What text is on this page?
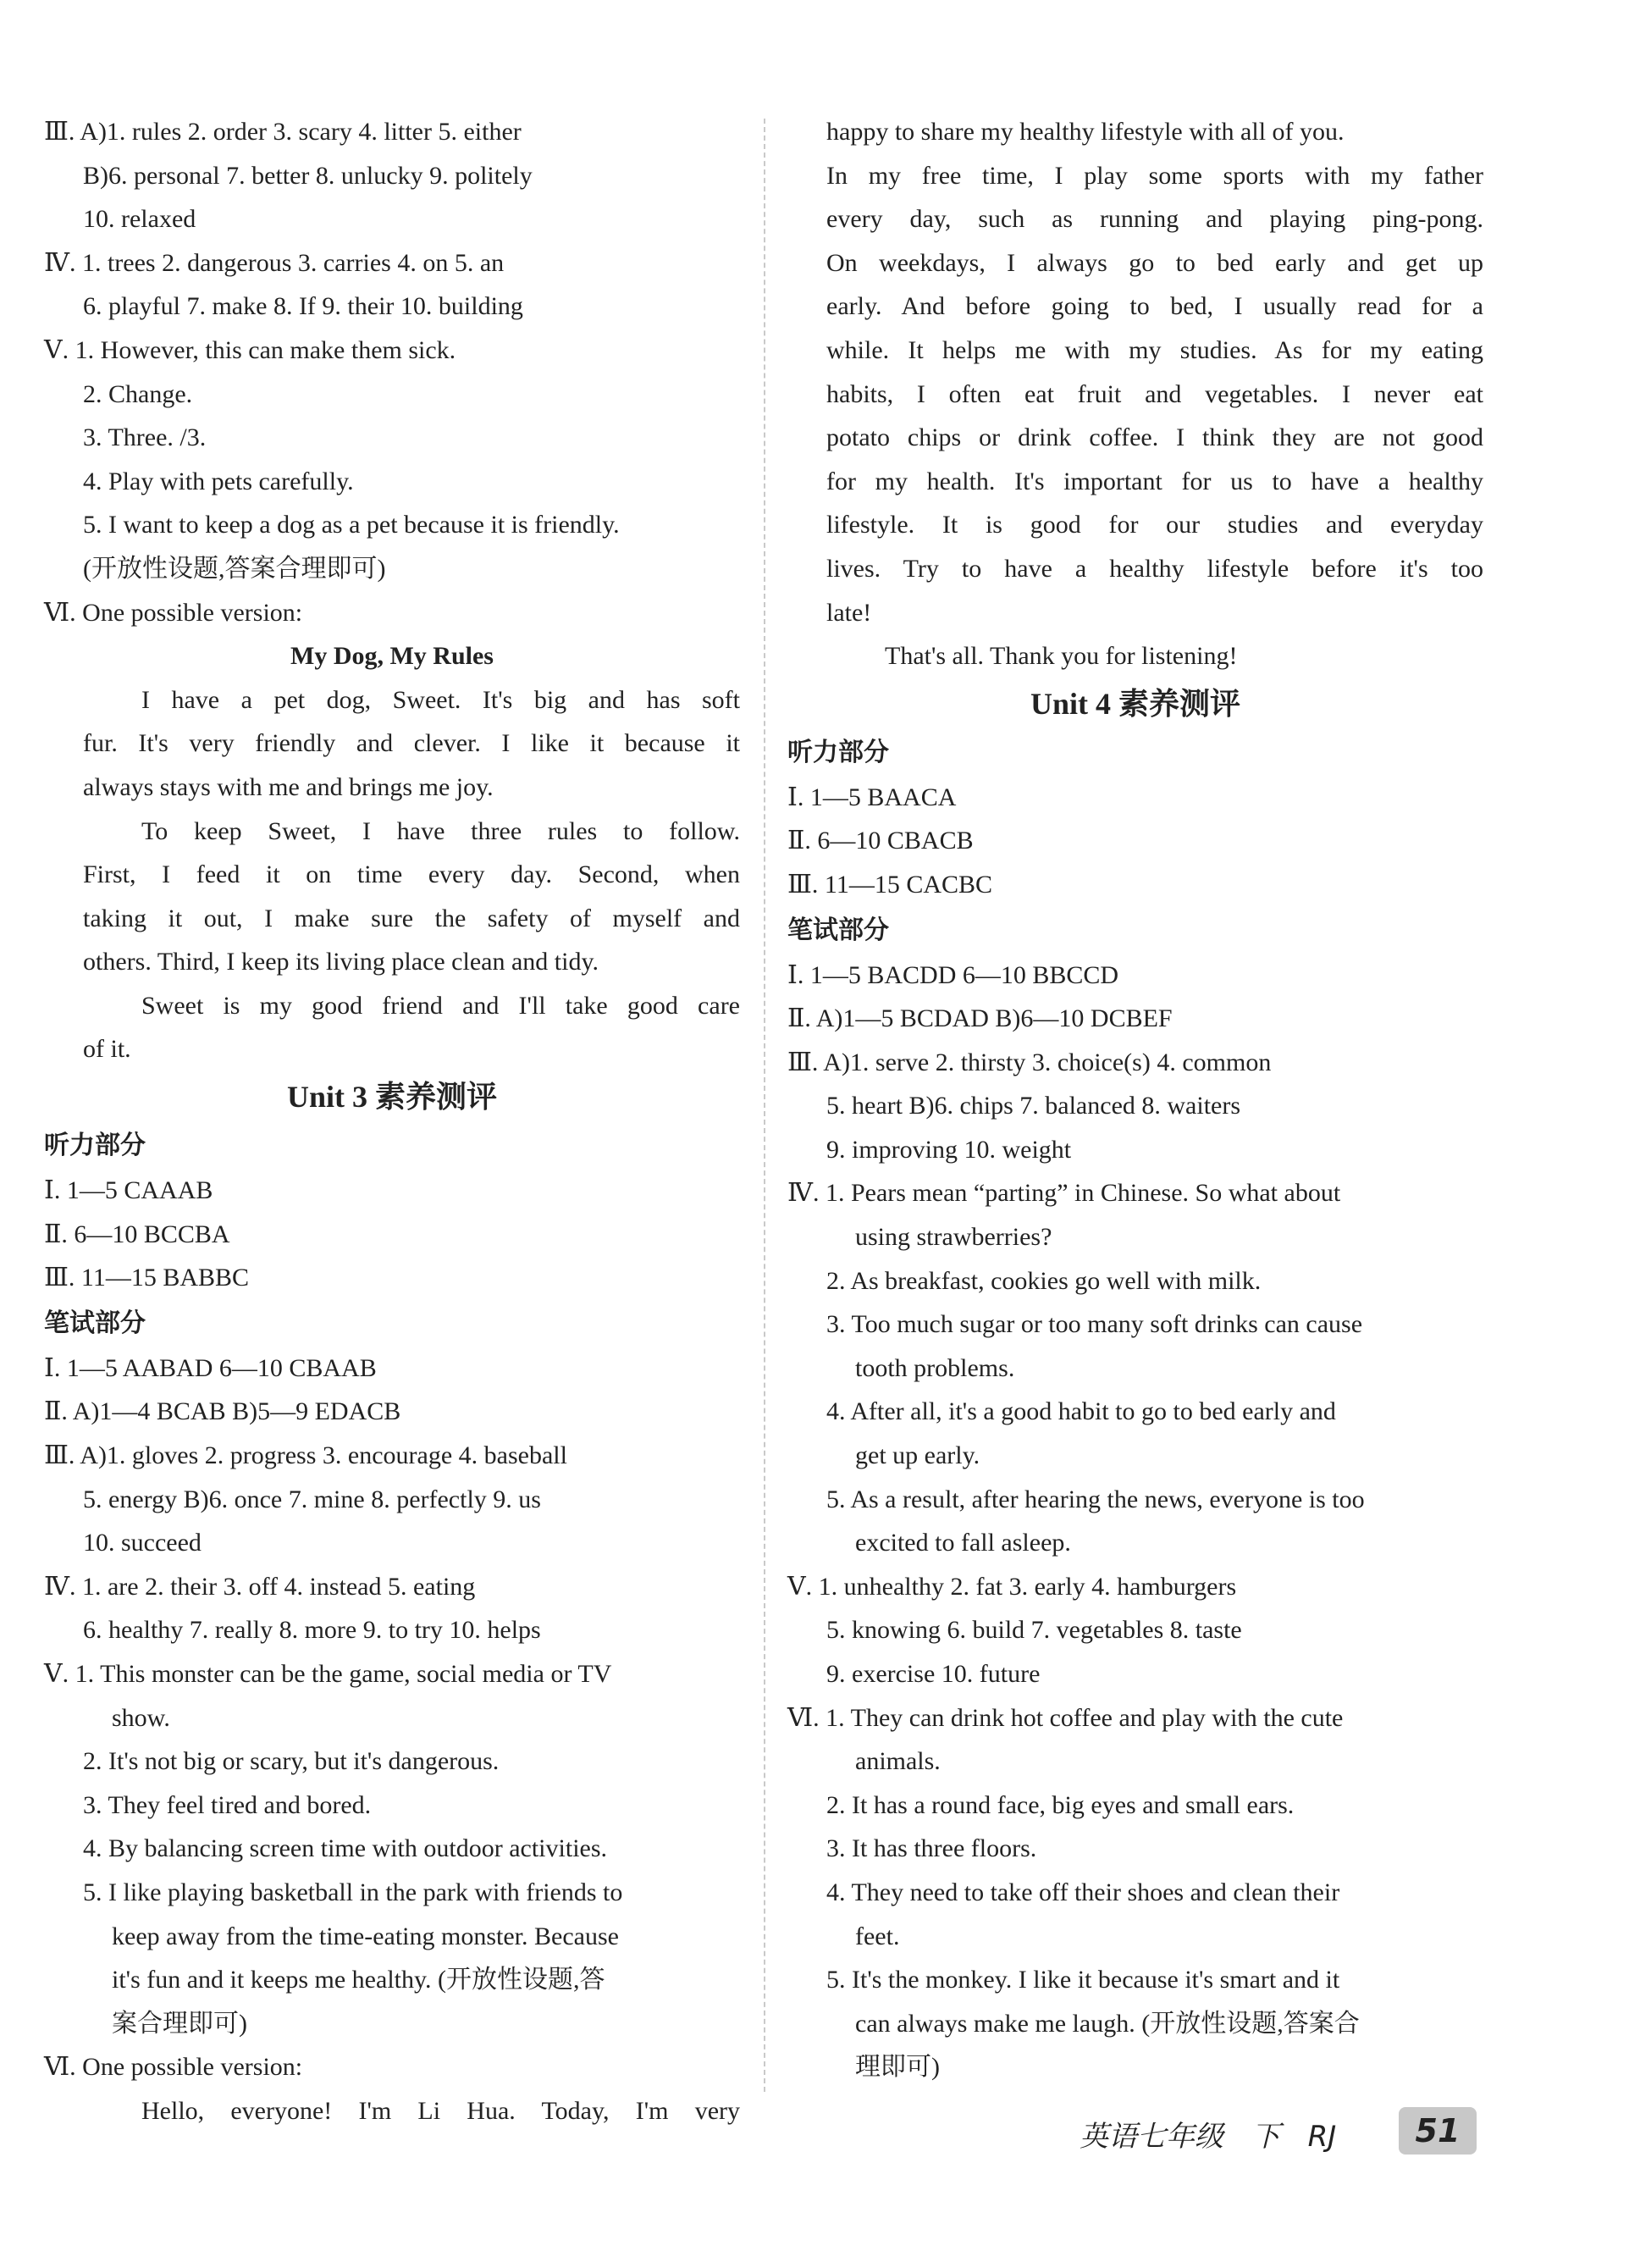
Ⅲ. A)1. rules 2. order 3. scary 4. litter 5. either
B)6. personal 7. better 8. unlucky 9. politely
10. relaxed
Ⅳ. 1. trees 2. dangerous 3. carries 4. on 5. an
6. playful 7. make 8. If 9. their 10. building
Ⅴ. 1. However, this can make them sick.
2. Change.
3. Three. /3.
4. Play with pets carefully.
5. I want to keep a dog as a pet because it is friendly.
(开放性设题,答案合理即可)
Ⅵ. One possible version:
My Dog, My Rules
I have a pet dog, Sweet. It's big and has soft
fur. It's very friendly and clever. I like it because it
always stays with me and brings me joy.
To keep Sweet, I have three rules to follow.
First, I feed it on time every day. Second, when
taking it out, I make sure the safety of myself and
others. Third, I keep its living place clean and tidy.
Sweet is my good friend and I'll take good care
of it.
Unit 3 素养测评
听力部分
Ⅰ. 1—5 CAAAB
Ⅱ. 6—10 BCCBA
Ⅲ. 11—15 BABBC
笔试部分
Ⅰ. 1—5 AABAD 6—10 CBAAB
Ⅱ. A)1—4 BCAB B)5—9 EDACB
Ⅲ. A)1. gloves 2. progress 3. encourage 4. baseball
5. energy B)6. once 7. mine 8. perfectly 9. us
10. succeed
Ⅳ. 1. are 2. their 3. off 4. instead 5. eating
6. healthy 7. really 8. more 9. to try 10. helps
Ⅴ. 1. This monster can be the game, social media or TV
show.
2. It's not big or scary, but it's dangerous.
3. They feel tired and bored.
4. By balancing screen time with outdoor activities.
5. I like playing basketball in the park with friends to
keep away from the time-eating monster. Because
it's fun and it keeps me healthy. (开放性设题,答
案合理即可)
Ⅵ. One possible version:
Hello, everyone! I'm Li Hua. Today, I'm very
happy to share my healthy lifestyle with all of you.
In my free time, I play some sports with my father
every day, such as running and playing ping-pong.
On weekdays, I always go to bed early and get up
early. And before going to bed, I usually read for a
while. It helps me with my studies. As for my eating
habits, I often eat fruit and vegetables. I never eat
potato chips or drink coffee. I think they are not good
for my health. It's important for us to have a healthy
lifestyle. It is good for our studies and everyday
lives. Try to have a healthy lifestyle before it's too
late!
That's all. Thank you for listening!
Unit 4 素养测评
听力部分
Ⅰ. 1—5 BAACA
Ⅱ. 6—10 CBACB
Ⅲ. 11—15 CACBC
笔试部分
Ⅰ. 1—5 BACDD 6—10 BBCCD
Ⅱ. A)1—5 BCDAD B)6—10 DCBEF
Ⅲ. A)1. serve 2. thirsty 3. choice(s) 4. common
5. heart B)6. chips 7. balanced 8. waiters
9. improving 10. weight
Ⅳ. 1. Pears mean “parting” in Chinese. So what about
using strawberries?
2. As breakfast, cookies go well with milk.
3. Too much sugar or too many soft drinks can cause
tooth problems.
4. After all, it's a good habit to go to bed early and
get up early.
5. As a result, after hearing the news, everyone is too
excited to fall asleep.
Ⅴ. 1. unhealthy 2. fat 3. early 4. hamburgers
5. knowing 6. build 7. vegetables 8. taste
9. exercise 10. future
Ⅵ. 1. They can drink hot coffee and play with the cute
animals.
2. It has a round face, big eyes and small ears.
3. It has three floors.
4. They need to take off their shoes and clean their
feet.
5. It's the monkey. I like it because it's smart and it
can always make me laugh. (开放性设题,答案合
理即可)
英语七年级 下 RJ	51
